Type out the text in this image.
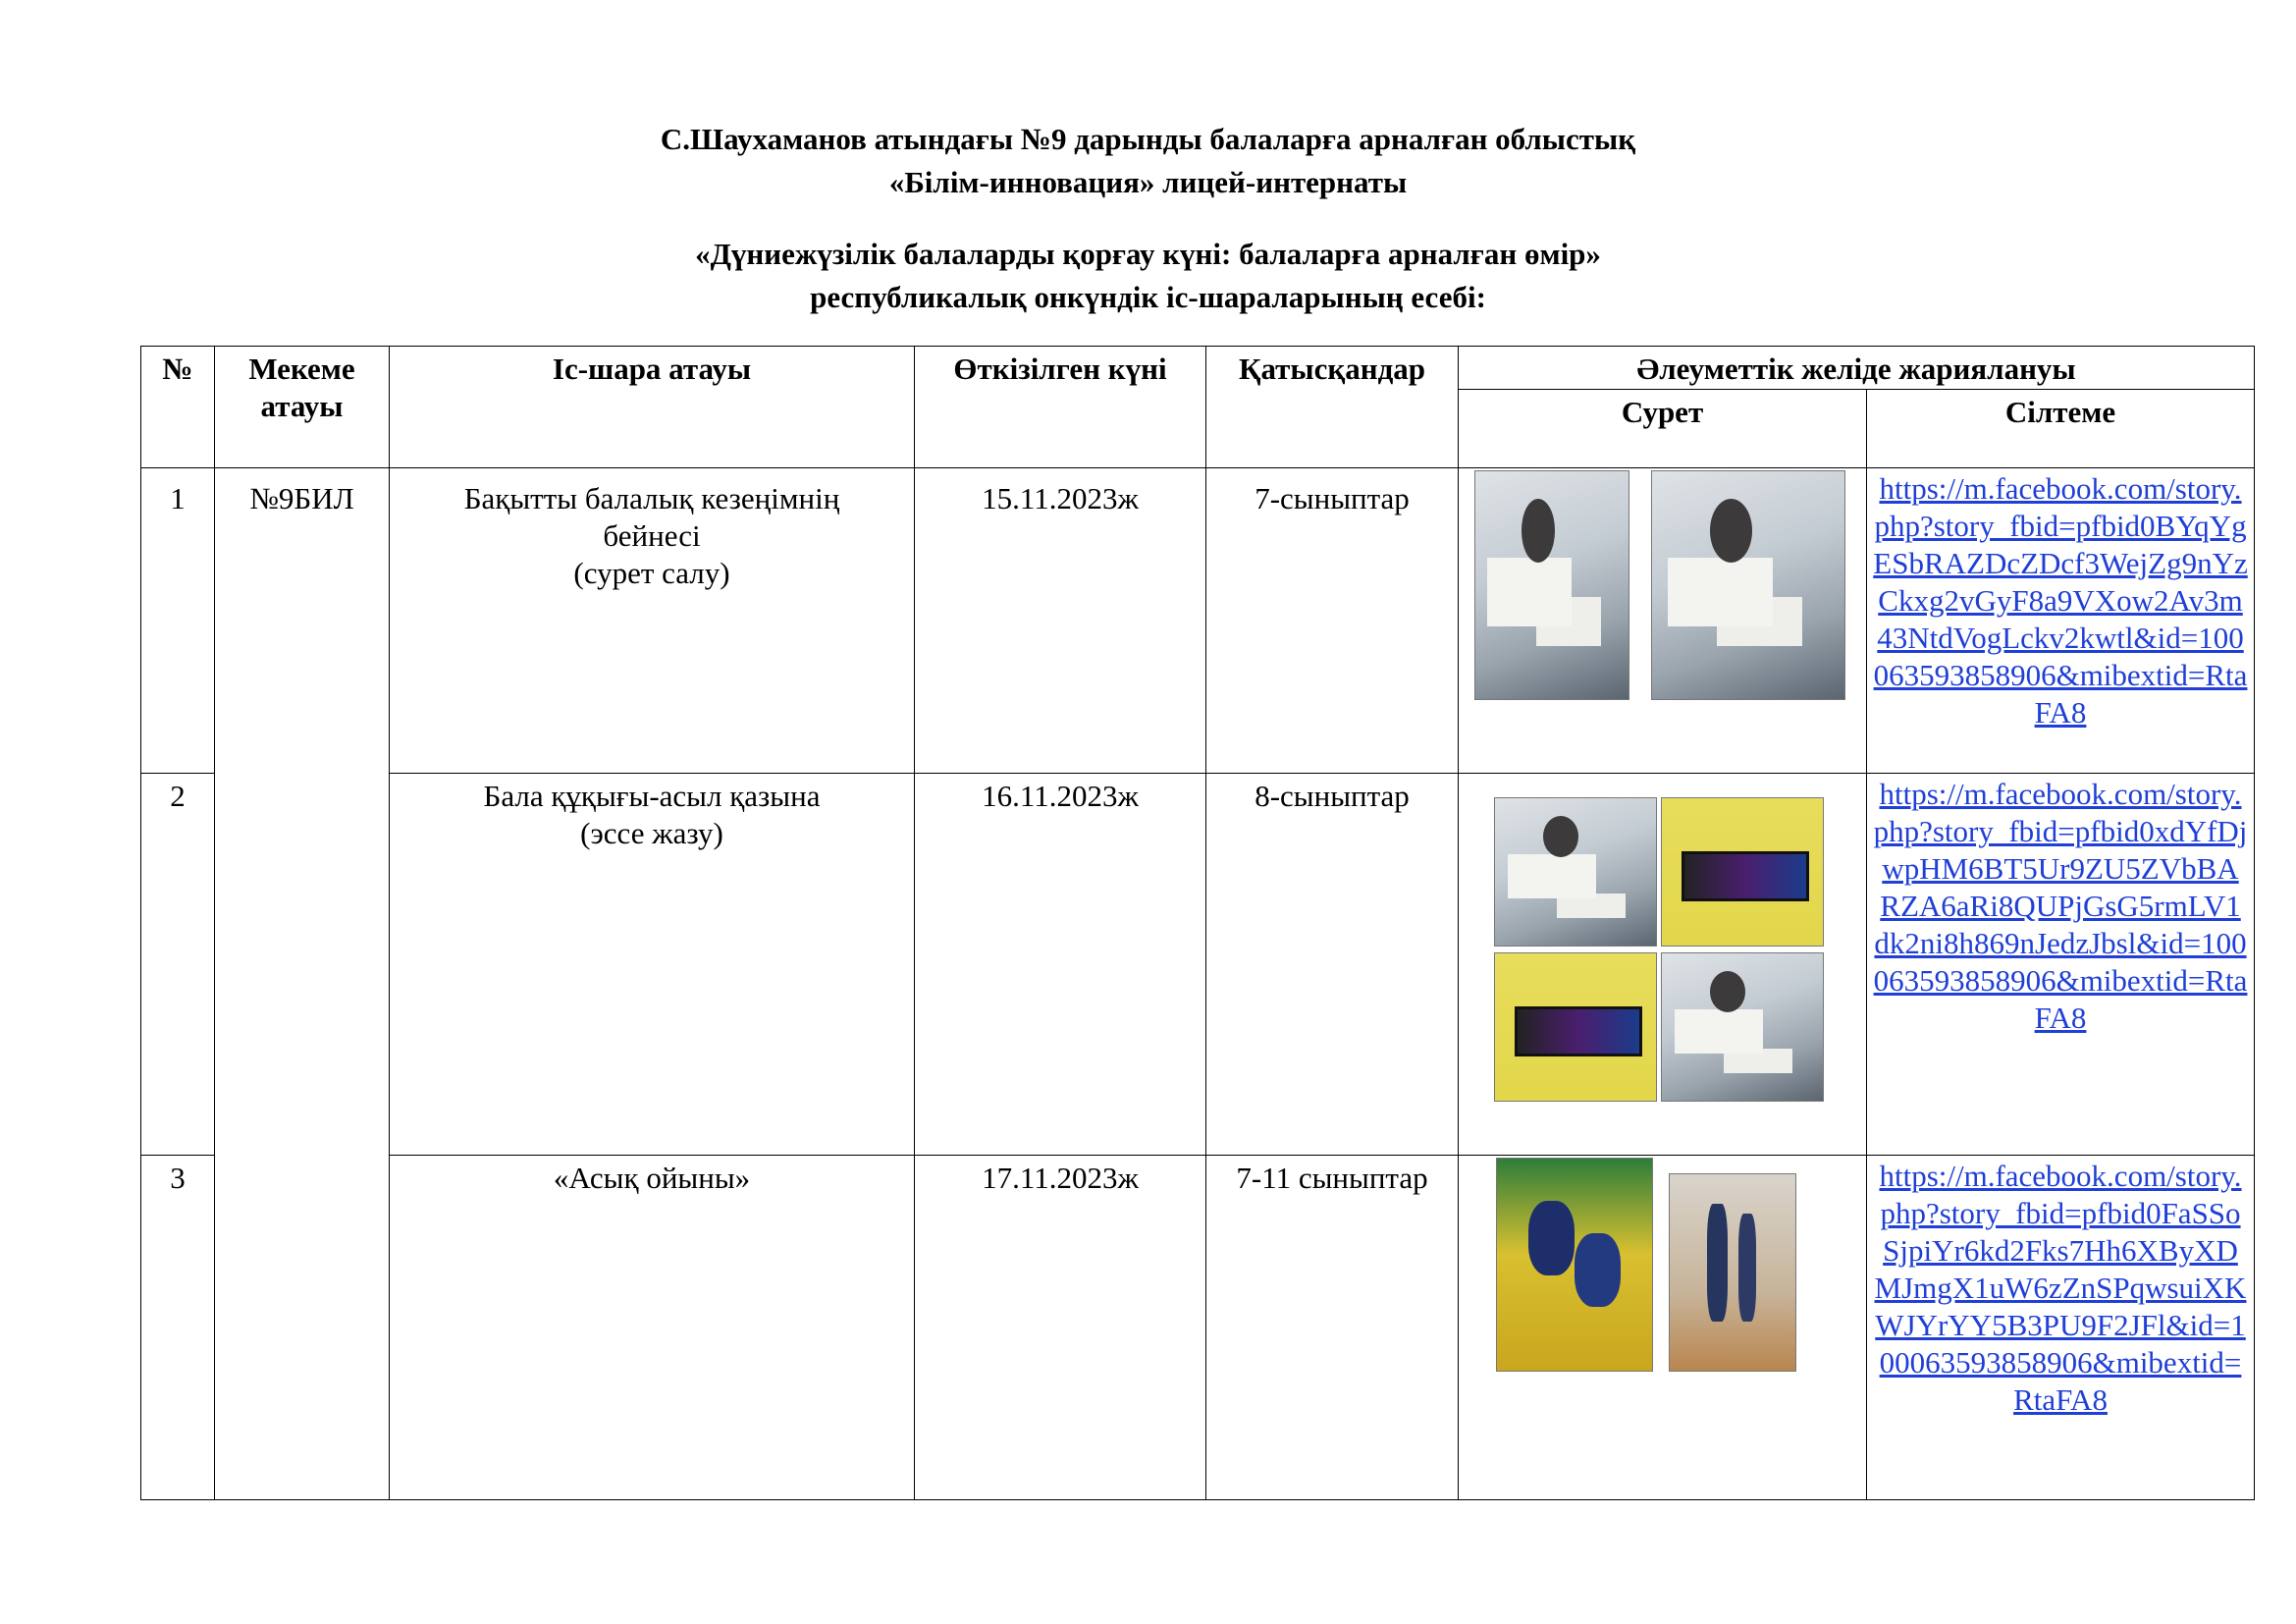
С.Шаухаманов атындағы №9 дарынды балаларға арналған облыстық
«Білім-инновация» лицей-интернаты
«Дүниежүзілік балаларды қорғау күні: балаларға арналған өмір»
республикалық онкүндік іс-шараларының есебі:
№	Мекеме атауы	Іс-шара атауы	Өткізілген күні	Қатысқандар	Әлеуметтік желіде жариялануы	
					Сурет	Сілтеме
1	№9БИЛ	Бақытты балалық кезеңімнің
бейнесі
(сурет салу)	15.11.2023ж	7-сыныптар		https://m.facebook.com/story.php?story_fbid=pfbid0BYqYgESbRAZDcZDcf3WejZg9nYzCkxg2vGyF8a9VXow2Av3m43NtdVogLckv2kwtl&id=100063593858906&mibextid=RtaFA8
2		Бала құқығы-асыл қазына
(эссе жазу)	16.11.2023ж	8-сыныптар		https://m.facebook.com/story.php?story_fbid=pfbid0xdYfDjwpHM6BT5Ur9ZU5ZVbBARZA6aRi8QUPjGsG5rmLV1dk2ni8h869nJedzJbsl&id=100063593858906&mibextid=RtaFA8
3		«Асық ойыны»	17.11.2023ж	7-11 сыныптар		https://m.facebook.com/story.php?story_fbid=pfbid0FaSSoSjpiYr6kd2Fks7Hh6XByXDMJmgX1uW6zZnSPqwsuiXKWJYrYY5B3PU9F2JFl&id=100063593858906&mibextid=RtaFA8
